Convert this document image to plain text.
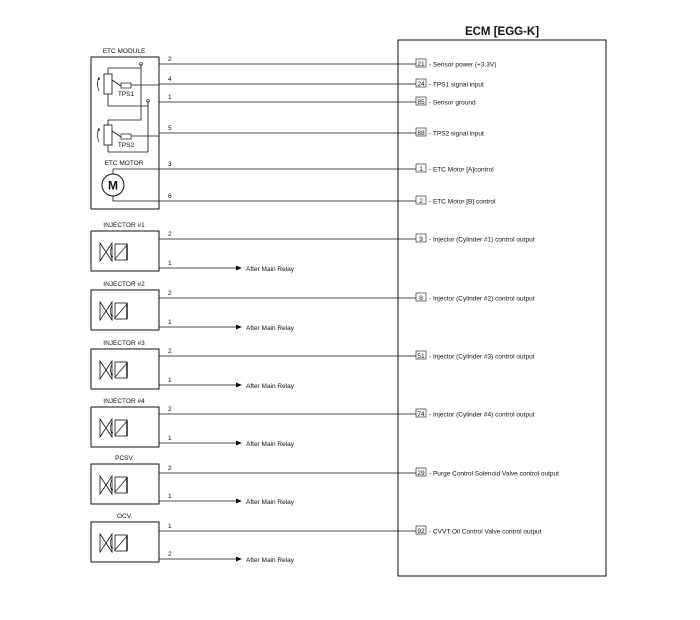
ECM [EGG-K]
ETC MODULE
TPS1
TPS2
ETC MOTOR
M
INJECTOR #1
1
After Main Relay
INJECTOR #2
1
After Main Relay
INJECTOR #3
1
After Main Relay
INJECTOR #4
1
After Main Relay
PCSV
1
After Main Relay
OCV
2
After Main Relay
2
21 - Sensor power (+3.3V)
4
24 - TPS1 signal input
1
85 - Sensor ground
5
88 - TPS2 signal input
3
1 - ETC Motor [A]control
6
2 - ETC Motor [B] control
2
9 - Injector (Cylinder #1) control output
2
8 - Injector (Cylinder #2) control output
2
51 - Injector (Cylinder #3) control output
2
74 - Injector (Cylinder #4) control output
2
29 - Purge Control Solenoid Valve control output
1
92 - CVVT Oil Control Valve control output
